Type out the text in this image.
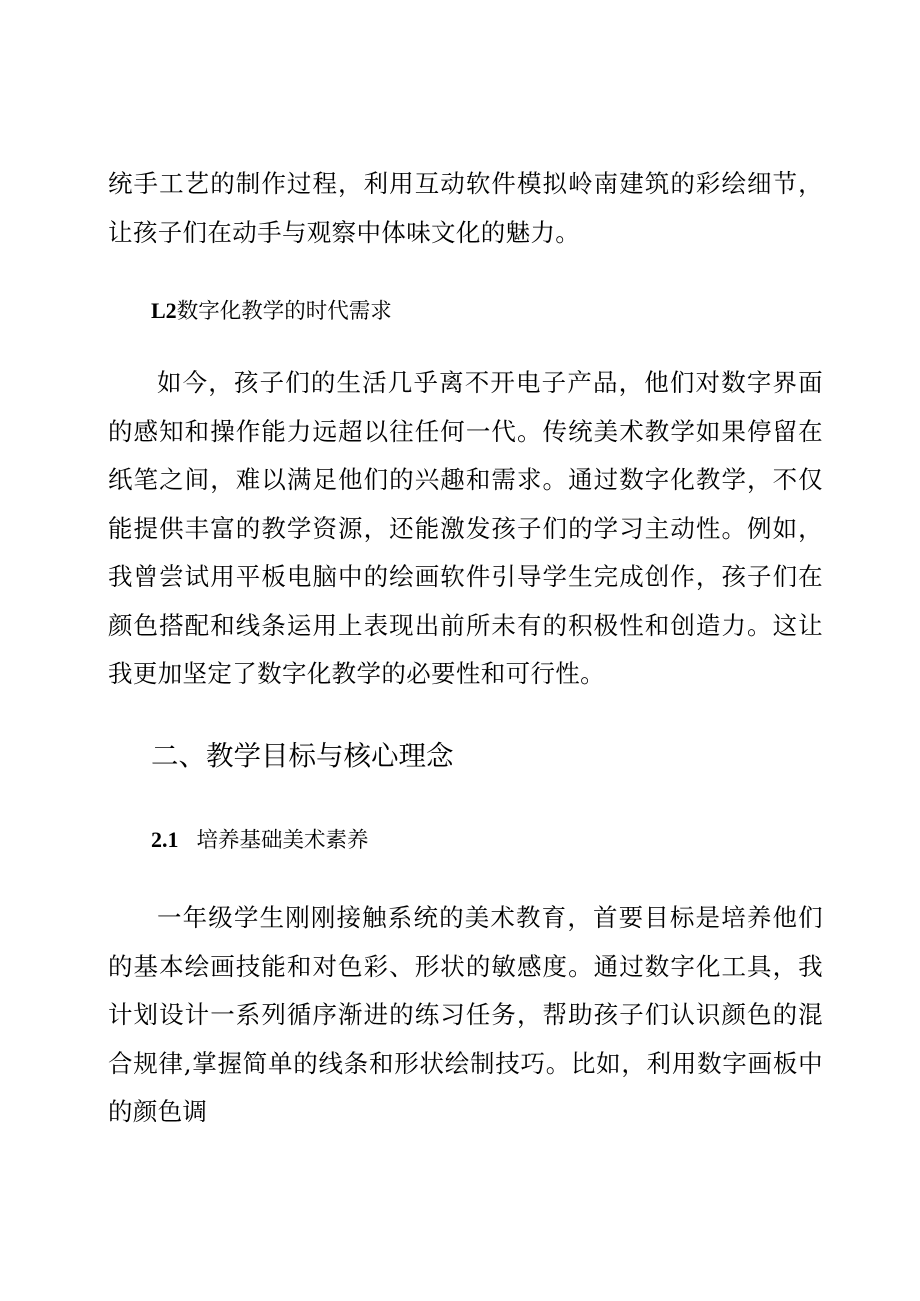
统手工艺的制作过程，利用互动软件模拟岭南建筑的彩绘细节，让孩子们在动手与观察中体味文化的魅力。

L2数字化教学的时代需求

如今，孩子们的生活几乎离不开电子产品，他们对数字界面的感知和操作能力远超以往任何一代。传统美术教学如果停留在纸笔之间，难以满足他们的兴趣和需求。通过数字化教学，不仅能提供丰富的教学资源，还能激发孩子们的学习主动性。例如，我曾尝试用平板电脑中的绘画软件引导学生完成创作，孩子们在颜色搭配和线条运用上表现出前所未有的积极性和创造力。这让我更加坚定了数字化教学的必要性和可行性。

二、教学目标与核心理念
2.1 培养基础美术素养

一年级学生刚刚接触系统的美术教育，首要目标是培养他们的基本绘画技能和对色彩、形状的敏感度。通过数字化工具，我计划设计一系列循序渐进的练习任务，帮助孩子们认识颜色的混合规律,掌握简单的线条和形状绘制技巧。比如，利用数字画板中的颜色调
